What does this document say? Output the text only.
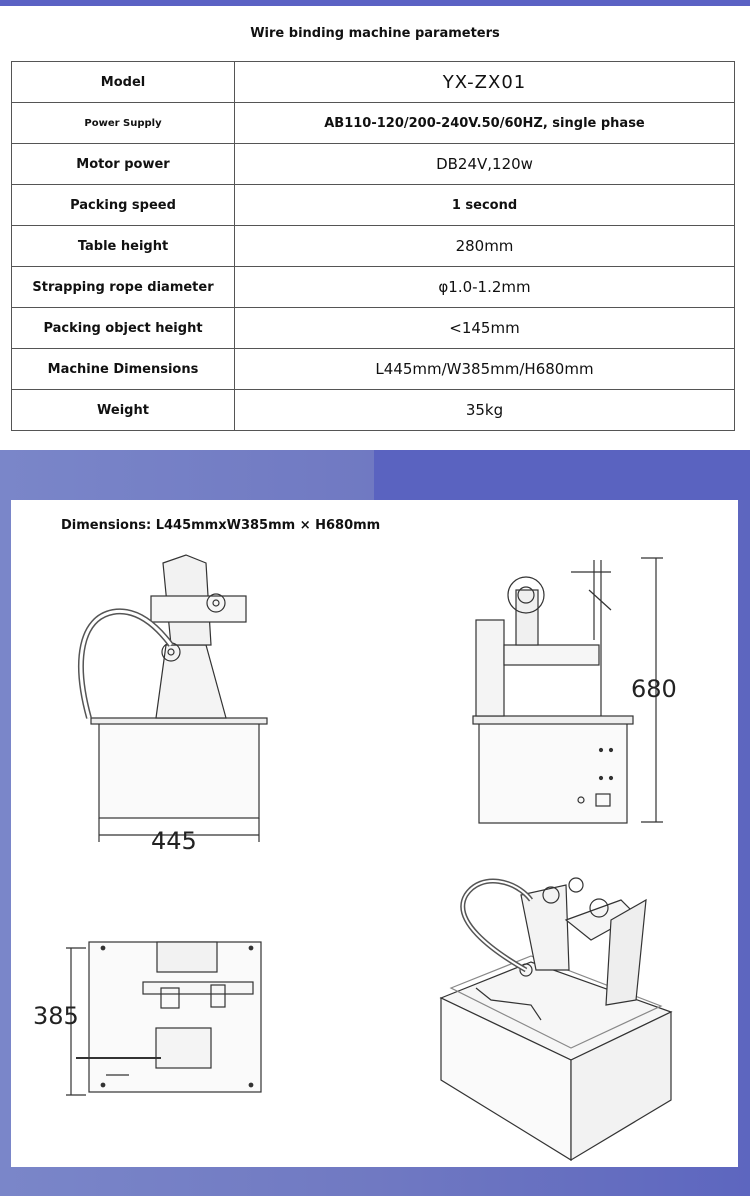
Wire binding machine parameters
Model	YX-ZX01
Power Supply	AB110-120/200-240V.50/60HZ, single phase
Motor power	DB24V,120w
Packing speed	1 second
Table height	280mm
Strapping rope diameter	φ1.0-1.2mm
Packing object height	<145mm
Machine Dimensions	L445mm/W385mm/H680mm
Weight	35kg
Dimensions: L445mmxW385mm × H680mm
445
680
385
